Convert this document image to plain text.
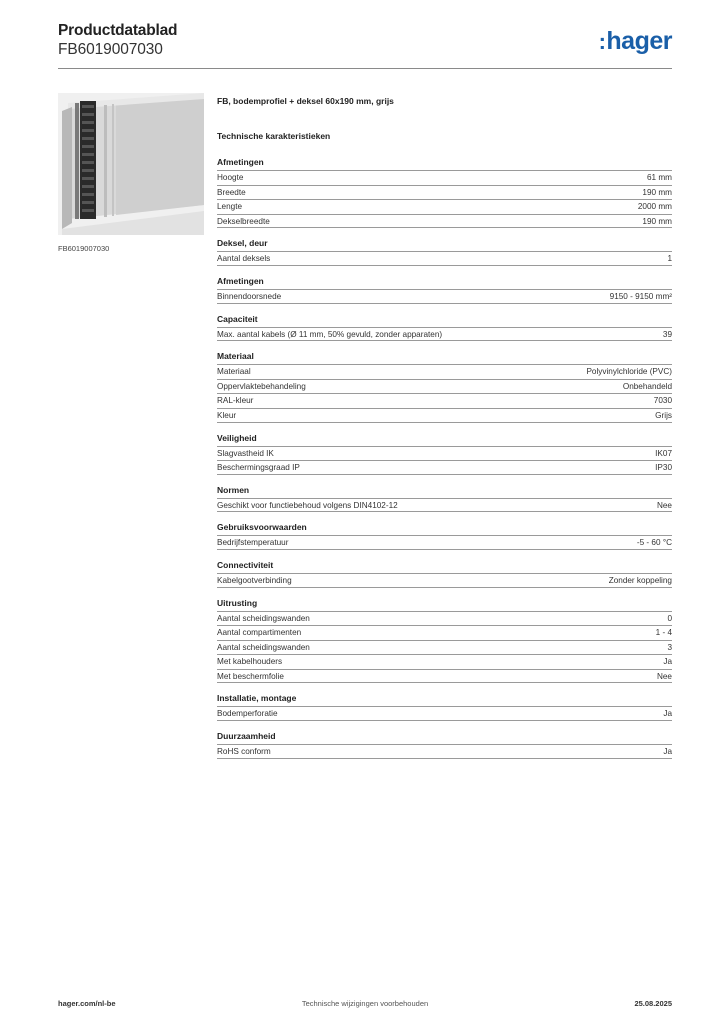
Productdatablad
FB6019007030	:hager
FB6019007030
FB, bodemprofiel + deksel 60x190 mm, grijs
Technische karakteristieken
Afmetingen
Hoogte	61 mm
Breedte	190 mm
Lengte	2000 mm
Dekselbreedte	190 mm
Deksel, deur
Aantal deksels	1
Afmetingen
Binnendoorsnede	9150 - 9150 mm²
Capaciteit
Max. aantal kabels (Ø 11 mm, 50% gevuld, zonder apparaten)	39
Materiaal
Materiaal	Polyvinylchloride (PVC)
Oppervlaktebehandeling	Onbehandeld
RAL-kleur	7030
Kleur	Grijs
Veiligheid
Slagvastheid IK	IK07
Beschermingsgraad IP	IP30
Normen
Geschikt voor functiebehoud volgens DIN4102-12	Nee
Gebruiksvoorwaarden
Bedrijfstemperatuur	-5 - 60 °C
Connectiviteit
Kabelgootverbinding	Zonder koppeling
Uitrusting
Aantal scheidingswanden	0
Aantal compartimenten	1 - 4
Aantal scheidingswanden	3
Met kabelhouders	Ja
Met beschermfolie	Nee
Installatie, montage
Bodemperforatie	Ja
Duurzaamheid
RoHS conform	Ja
hager.com/nl-be	Technische wijzigingen voorbehouden	25.08.2025
